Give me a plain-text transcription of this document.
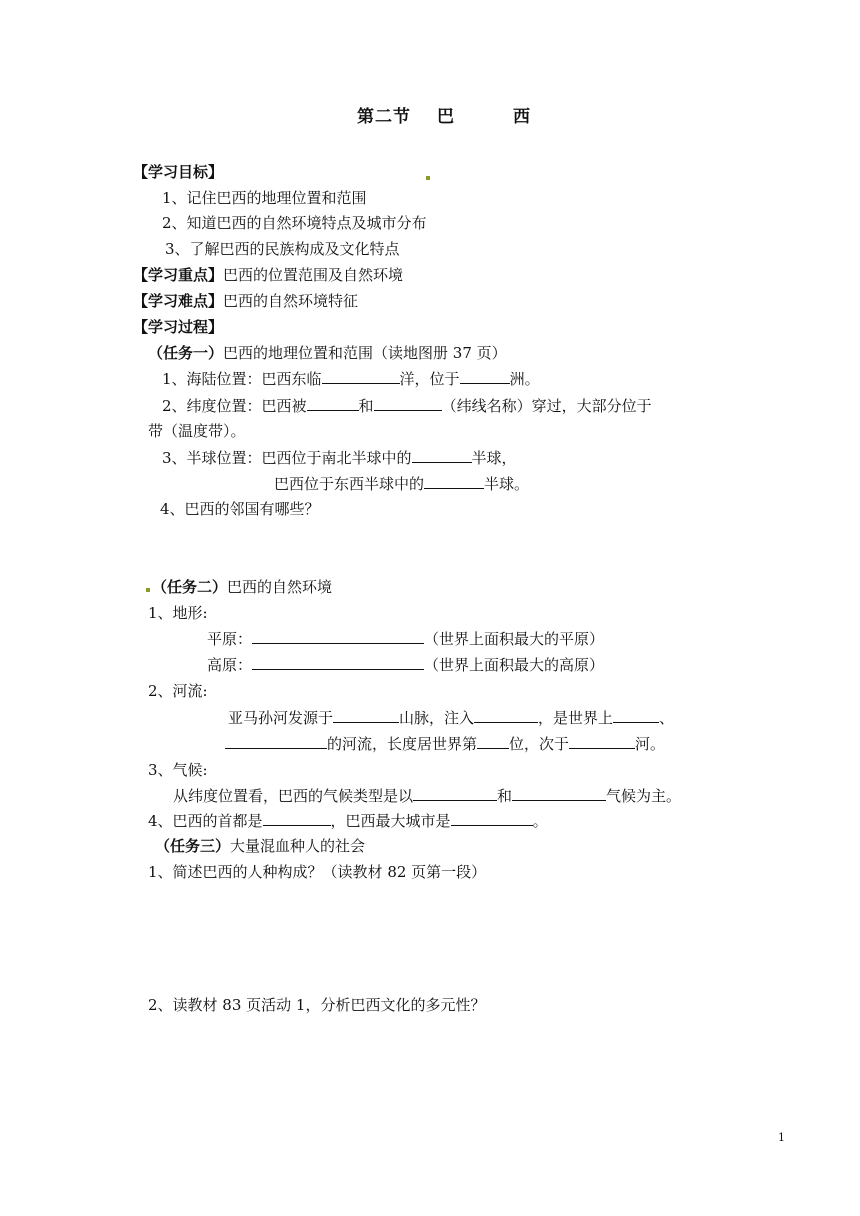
第二节 巴	西
【学习目标】
1、记住巴西的地理位置和范围
2、知道巴西的自然环境特点及城市分布
3、了解巴西的民族构成及文化特点
【学习重点】巴西的位置范围及自然环境
【学习难点】巴西的自然环境特征
【学习过程】
（任务一）巴西的地理位置和范围（读地图册 37 页）
1、海陆位置：巴西东临	洋，位于	洲。
2、纬度位置：巴西被	和	（纬线名称）穿过，大部分位于
带（温度带）。
3、半球位置：巴西位于南北半球中的	半球，
巴西位于东西半球中的	半球。
4、巴西的邻国有哪些？
（任务二）巴西的自然环境
1、地形:
平原：	（世界上面积最大的平原）
高原：	（世界上面积最大的高原）
2、河流:
亚马孙河发源于	山脉，注入	，是世界上	、
的河流，长度居世界第 位，次于	河。
3、气候:
从纬度位置看，巴西的气候类型是以	和	气候为主。
4、巴西的首都是	，巴西最大城市是	。
（任务三）大量混血种人的社会
1、简述巴西的人种构成？（读教材 82 页第一段）
2、读教材 83 页活动 1，分析巴西文化的多元性？
1
